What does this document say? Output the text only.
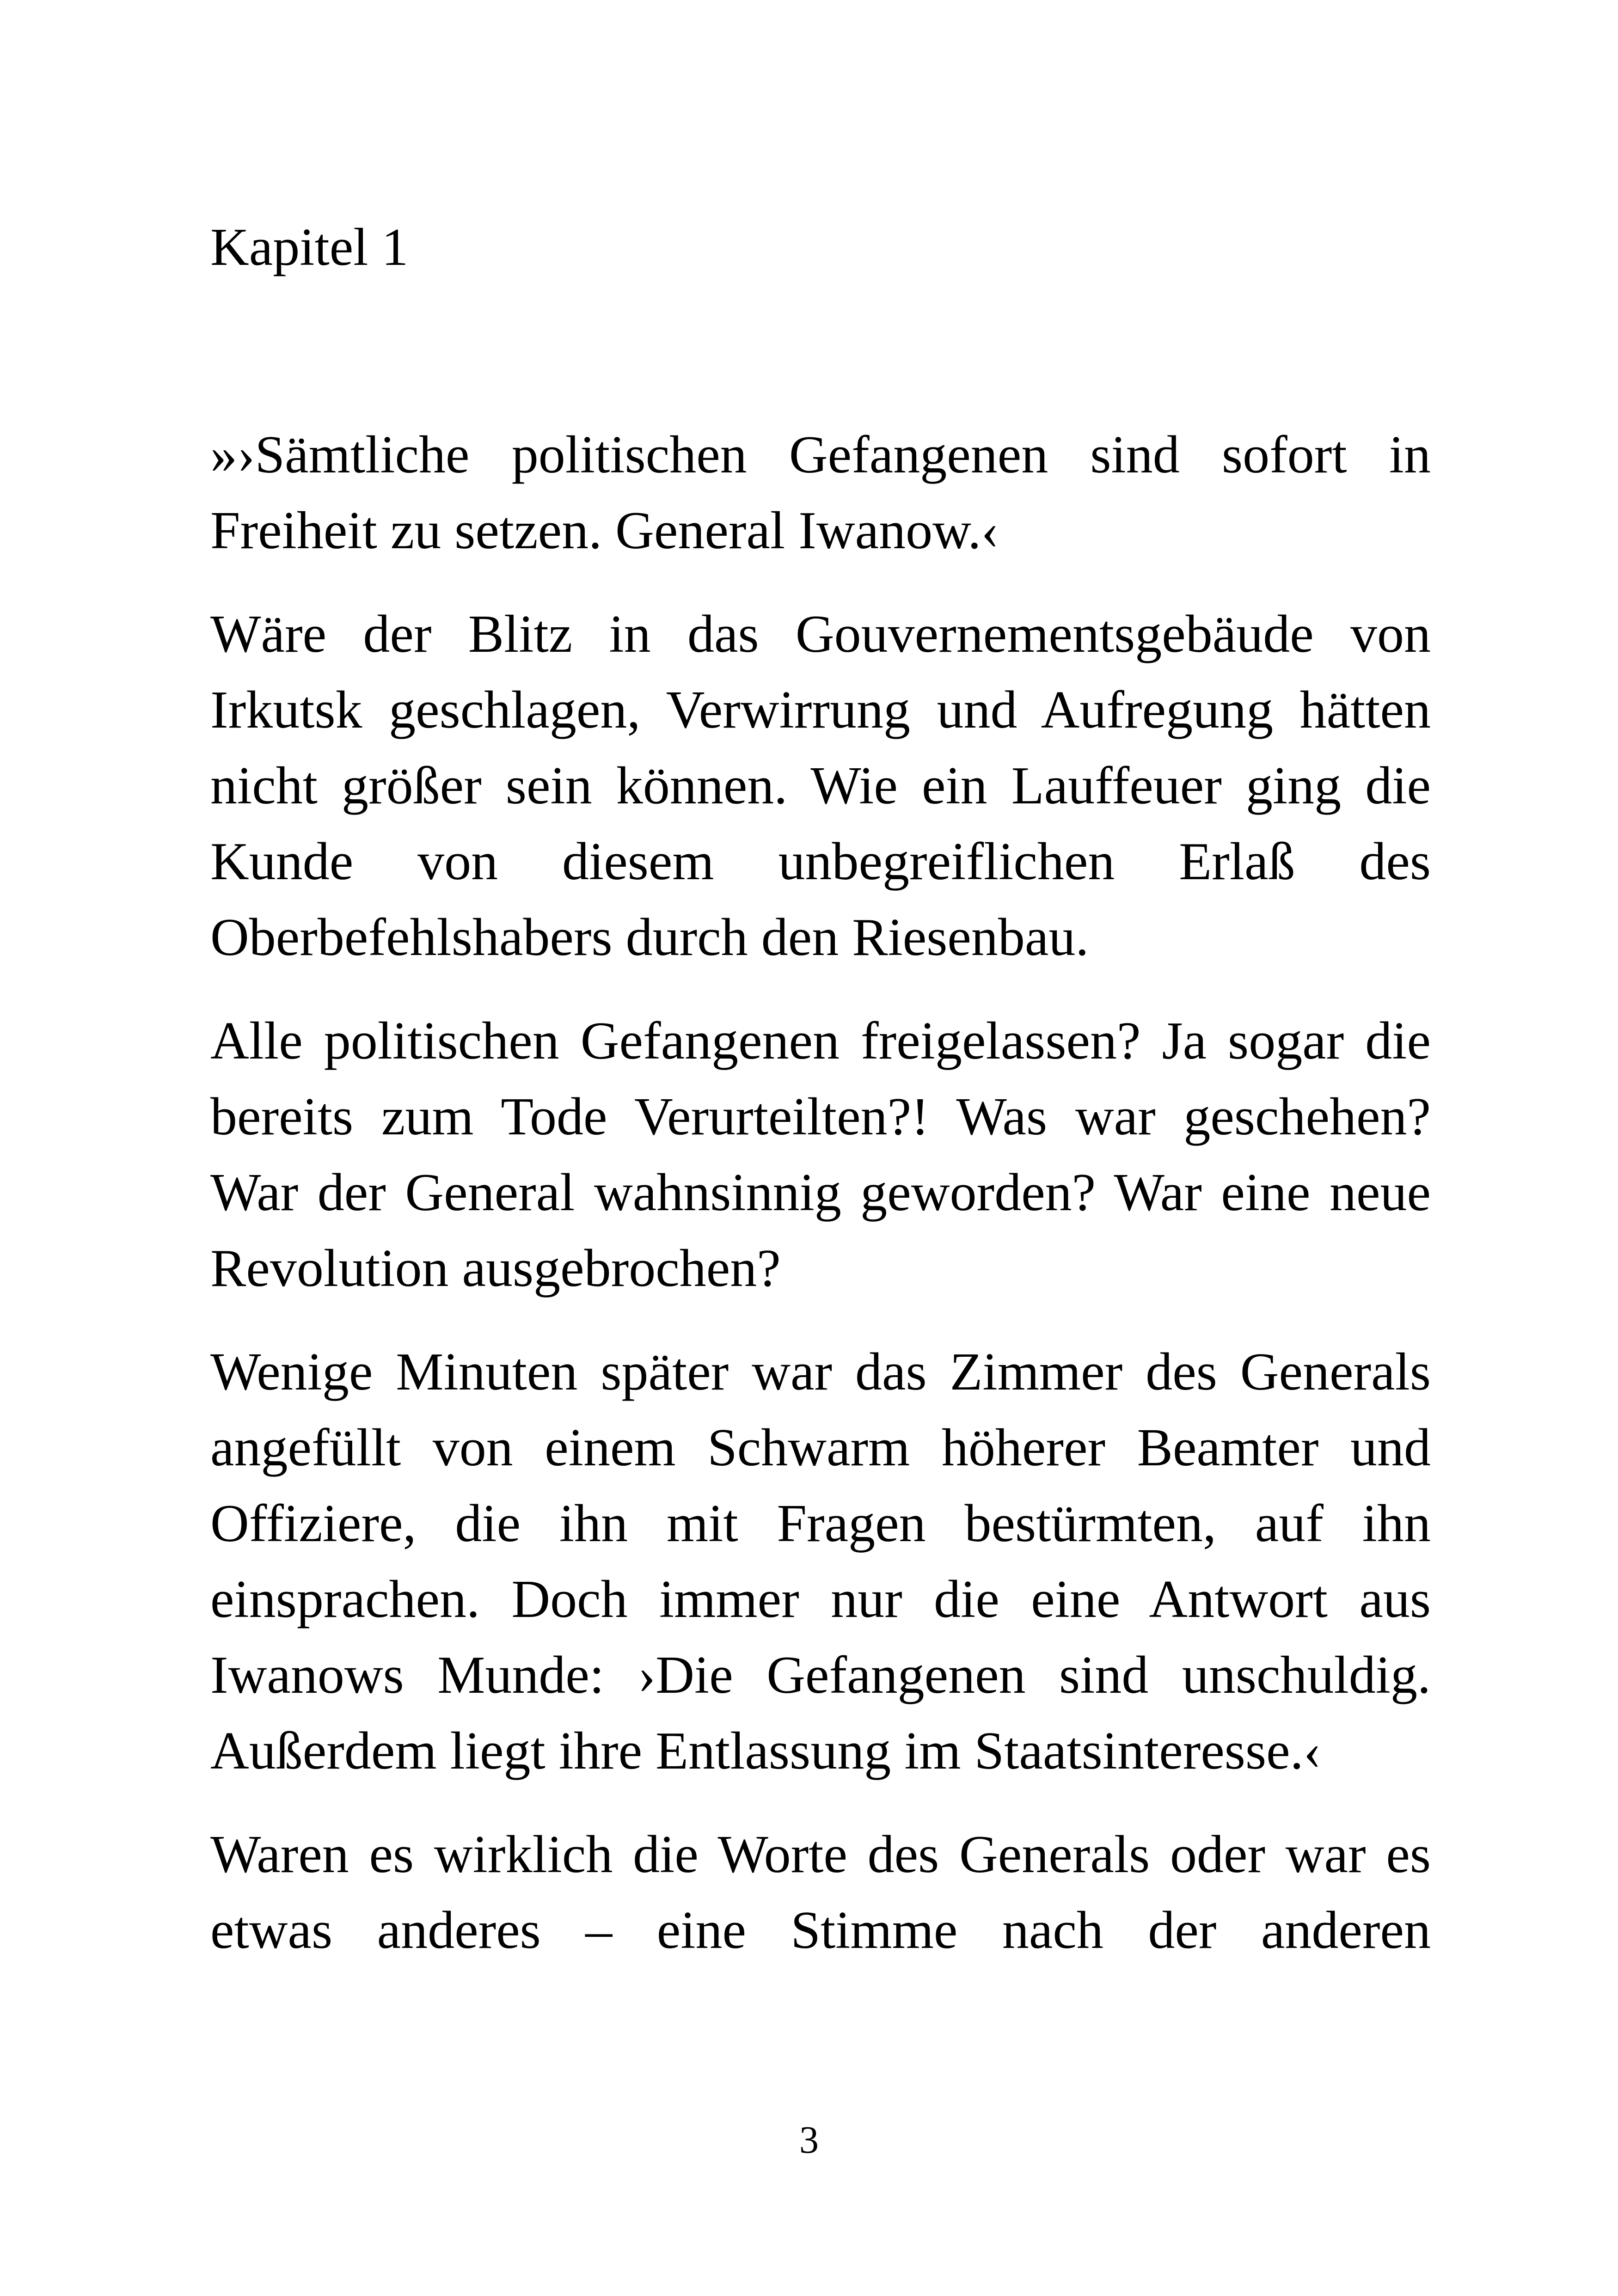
Kapitel 1

»›Sämtliche politischen Gefangenen sind sofort in Freiheit zu setzen. General Iwanow.‹

Wäre der Blitz in das Gouvernementsgebäude von Irkutsk geschlagen, Verwirrung und Aufregung hätten nicht größer sein können. Wie ein Lauffeuer ging die Kunde von diesem unbegreiflichen Erlaß des Oberbefehlshabers durch den Riesenbau.

Alle politischen Gefangenen freigelassen? Ja sogar die bereits zum Tode Verurteilten?! Was war geschehen? War der General wahnsinnig geworden? War eine neue Revolution ausgebrochen?

Wenige Minuten später war das Zimmer des Generals angefüllt von einem Schwarm höherer Beamter und Offiziere, die ihn mit Fragen bestürmten, auf ihn einsprachen. Doch immer nur die eine Antwort aus Iwanows Munde: ›Die Gefangenen sind unschuldig. Außerdem liegt ihre Entlassung im Staatsinteresse.‹

Waren es wirklich die Worte des Generals oder war es etwas anderes – eine Stimme nach der anderen

3
